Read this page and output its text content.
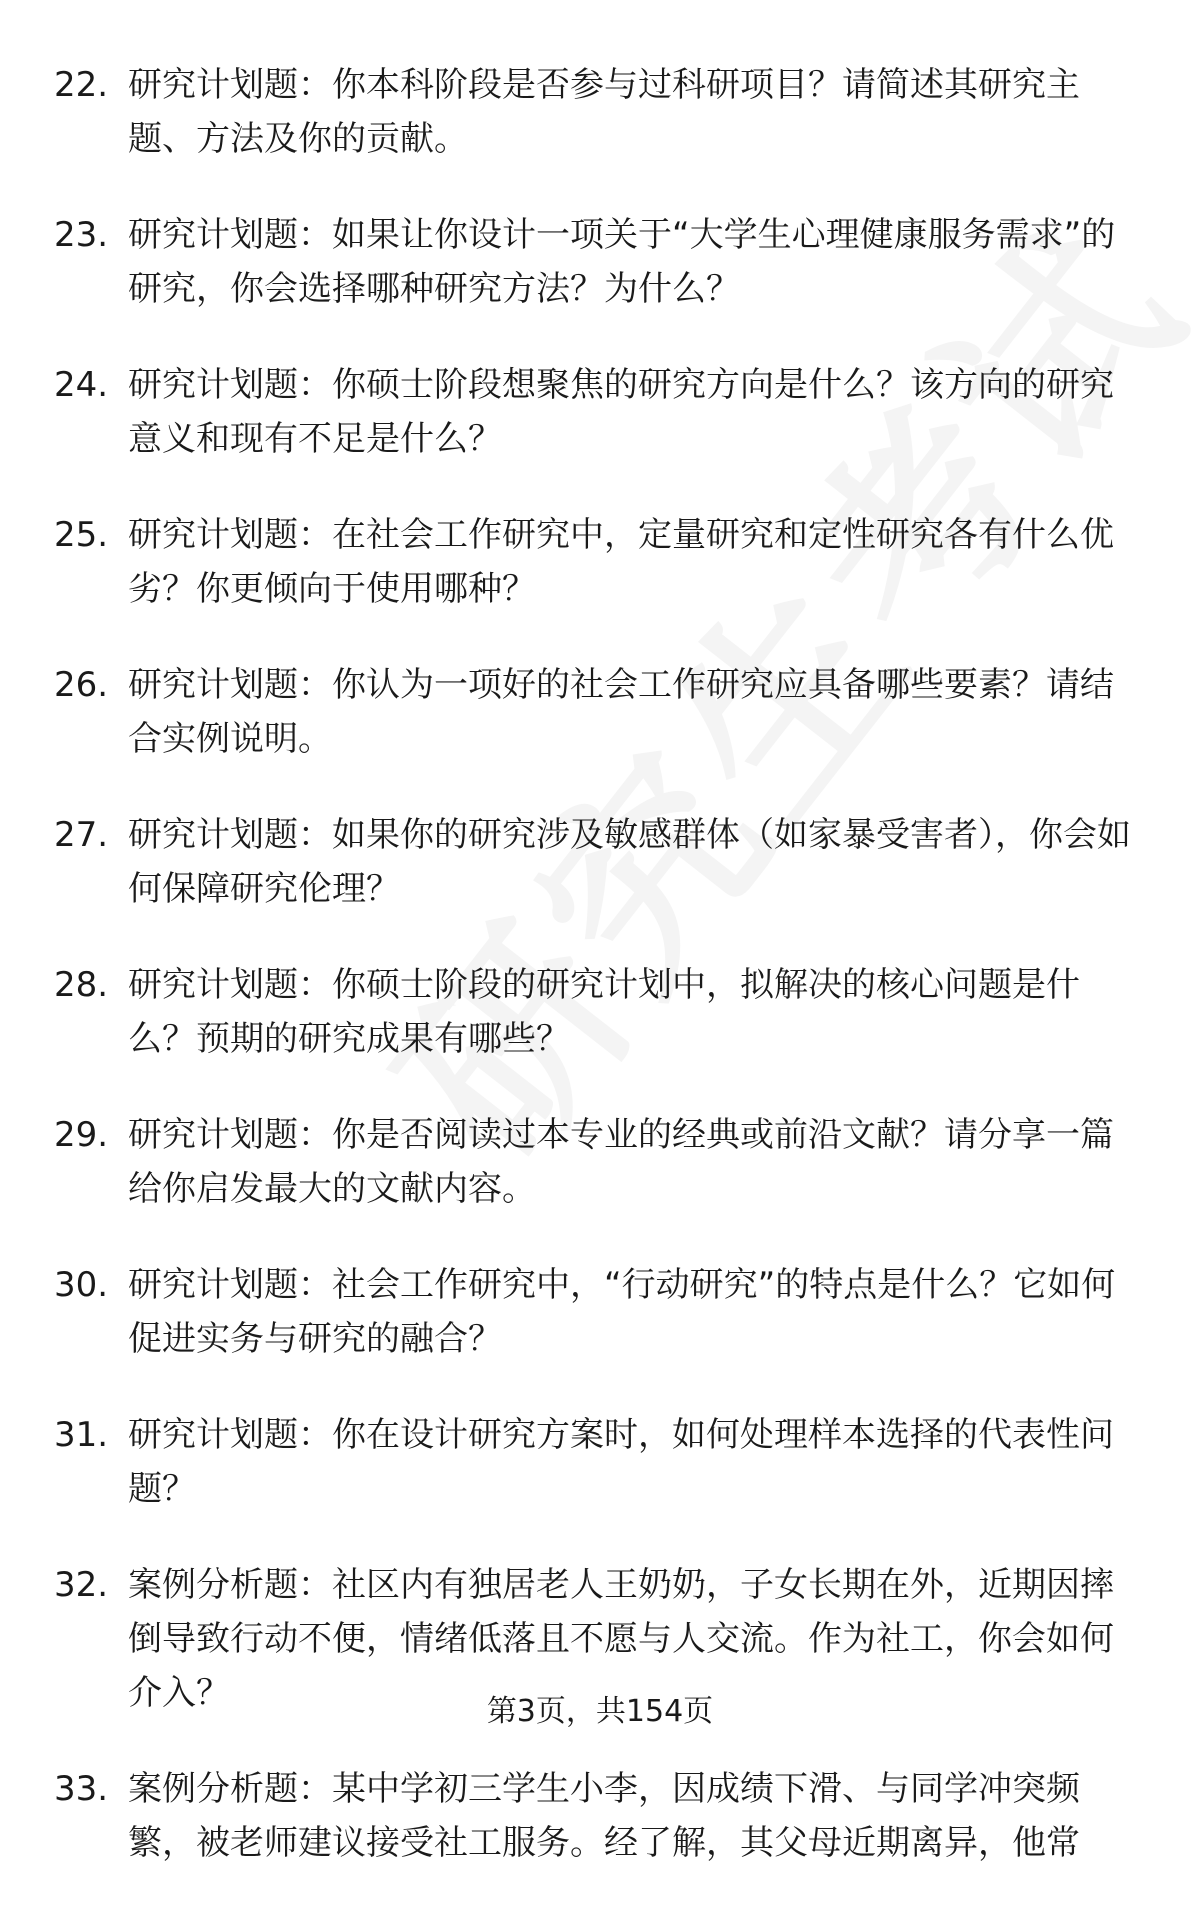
22. 研究计划题：你本科阶段是否参与过科研项目？请简述其研究主题、方法及你的贡献。
23. 研究计划题：如果让你设计一项关于“大学生心理健康服务需求”的研究，你会选择哪种研究方法？为什么？
24. 研究计划题：你硕士阶段想聚焦的研究方向是什么？该方向的研究意义和现有不足是什么？
25. 研究计划题：在社会工作研究中，定量研究和定性研究各有什么优劣？你更倾向于使用哪种？
26. 研究计划题：你认为一项好的社会工作研究应具备哪些要素？请结合实例说明。
27. 研究计划题：如果你的研究涉及敏感群体（如家暴受害者），你会如何保障研究伦理？
28. 研究计划题：你硕士阶段的研究计划中，拟解决的核心问题是什么？预期的研究成果有哪些？
29. 研究计划题：你是否阅读过本专业的经典或前沿文献？请分享一篇给你启发最大的文献内容。
30. 研究计划题：社会工作研究中，“行动研究”的特点是什么？它如何促进实务与研究的融合？
31. 研究计划题：你在设计研究方案时，如何处理样本选择的代表性问题？
32. 案例分析题：社区内有独居老人王奶奶，子女长期在外，近期因摔倒导致行动不便，情绪低落且不愿与人交流。作为社工，你会如何介入？
33. 案例分析题：某中学初三学生小李，因成绩下滑、与同学冲突频繁，被老师建议接受社工服务。经了解，其父母近期离异，他常
第3页，共154页
